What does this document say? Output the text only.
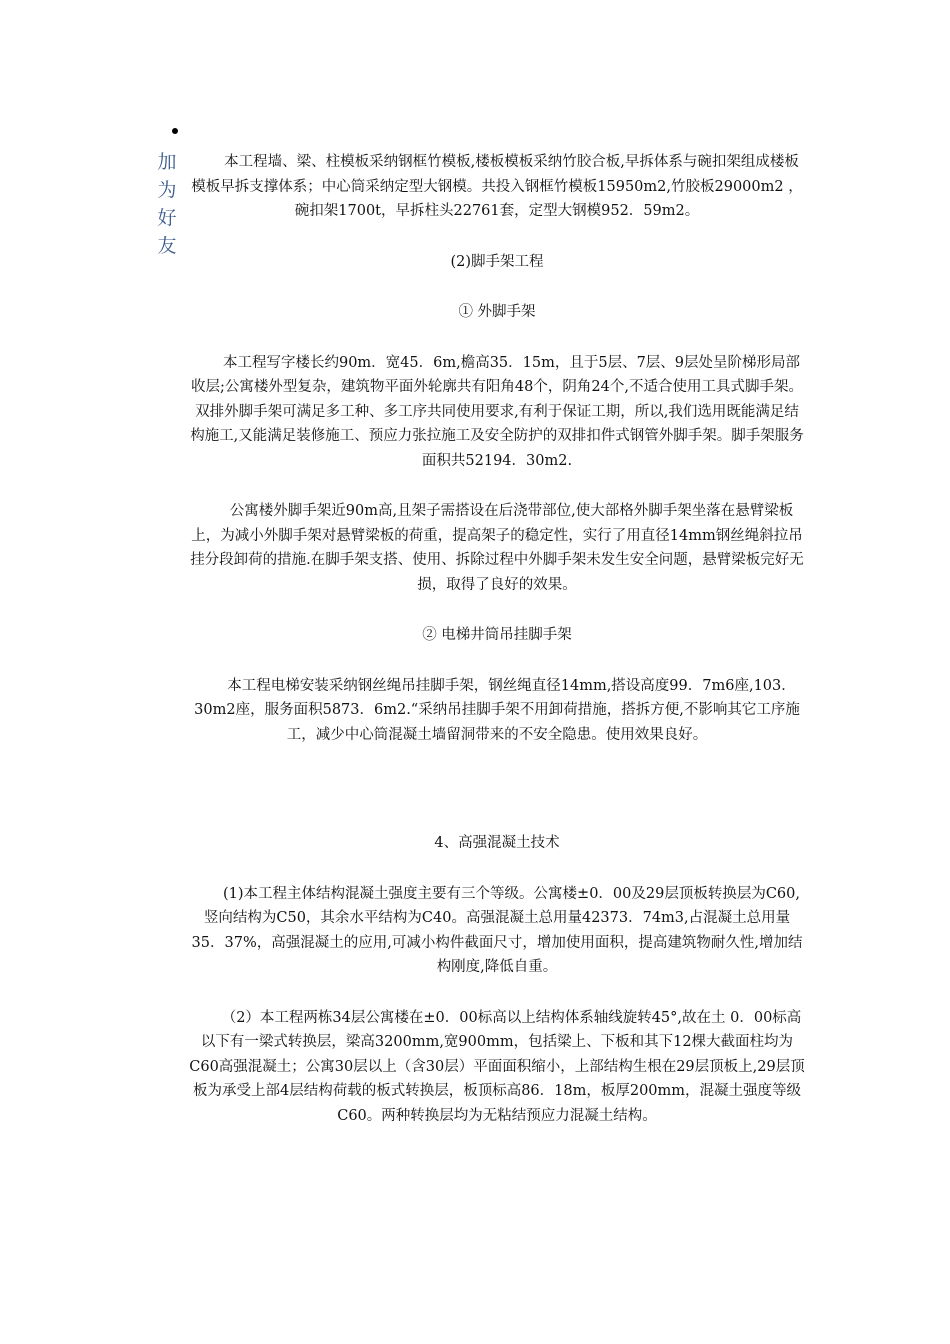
加
为
好
友

本工程墙、梁、柱模板采纳钢框竹模板,楼板模板采纳竹胶合板,早拆体系与碗扣架组成楼板模板早拆支撑体系；中心筒采纳定型大钢模。共投入钢框竹模板15950m2,竹胶板29000m2 ，碗扣架1700t，早拆柱头22761套，定型大钢模952．59m2。

(2)脚手架工程

① 外脚手架

本工程写字楼长约90m．宽45．6m,檐高35．15m，且于5层、7层、9层处呈阶梯形局部收层;公寓楼外型复杂，建筑物平面外轮廓共有阳角48个，阴角24个,不适合使用工具式脚手架。双排外脚手架可满足多工种、多工序共同使用要求,有利于保证工期，所以,我们选用既能满足结构施工,又能满足装修施工、预应力张拉施工及安全防护的双排扣件式钢管外脚手架。脚手架服务面积共52194．30m2.

公寓楼外脚手架近90m高,且架子需搭设在后浇带部位,使大部格外脚手架坐落在悬臂梁板上，为减小外脚手架对悬臂梁板的荷重，提高架子的稳定性，实行了用直径14mm钢丝绳斜拉吊挂分段卸荷的措施.在脚手架支搭、使用、拆除过程中外脚手架未发生安全问题，悬臂梁板完好无损，取得了良好的效果。

② 电梯井筒吊挂脚手架

本工程电梯安装采纳钢丝绳吊挂脚手架，钢丝绳直径14mm,搭设高度99．7m6座,103．30m2座，服务面积5873．6m2.“采纳吊挂脚手架不用卸荷措施，搭拆方便,不影响其它工序施工，减少中心筒混凝土墙留洞带来的不安全隐患。使用效果良好。

4、高强混凝土技术

(1)本工程主体结构混凝土强度主要有三个等级。公寓楼±0．00及29层顶板转换层为C60,竖向结构为C50，其余水平结构为C40。高强混凝土总用量42373．74m3,占混凝土总用量35．37%，高强混凝土的应用,可减小构件截面尺寸，增加使用面积，提高建筑物耐久性,增加结构刚度,降低自重。

（2）本工程两栋34层公寓楼在±0．00标高以上结构体系轴线旋转45°,故在土 0．00标高以下有一梁式转换层，梁高3200mm,宽900mm，包括梁上、下板和其下12棵大截面柱均为C60高强混凝土；公寓30层以上（含30层）平面面积缩小，上部结构生根在29层顶板上,29层顶板为承受上部4层结构荷载的板式转换层，板顶标高86．18m，板厚200mm，混凝土强度等级C60。两种转换层均为无粘结预应力混凝土结构。
